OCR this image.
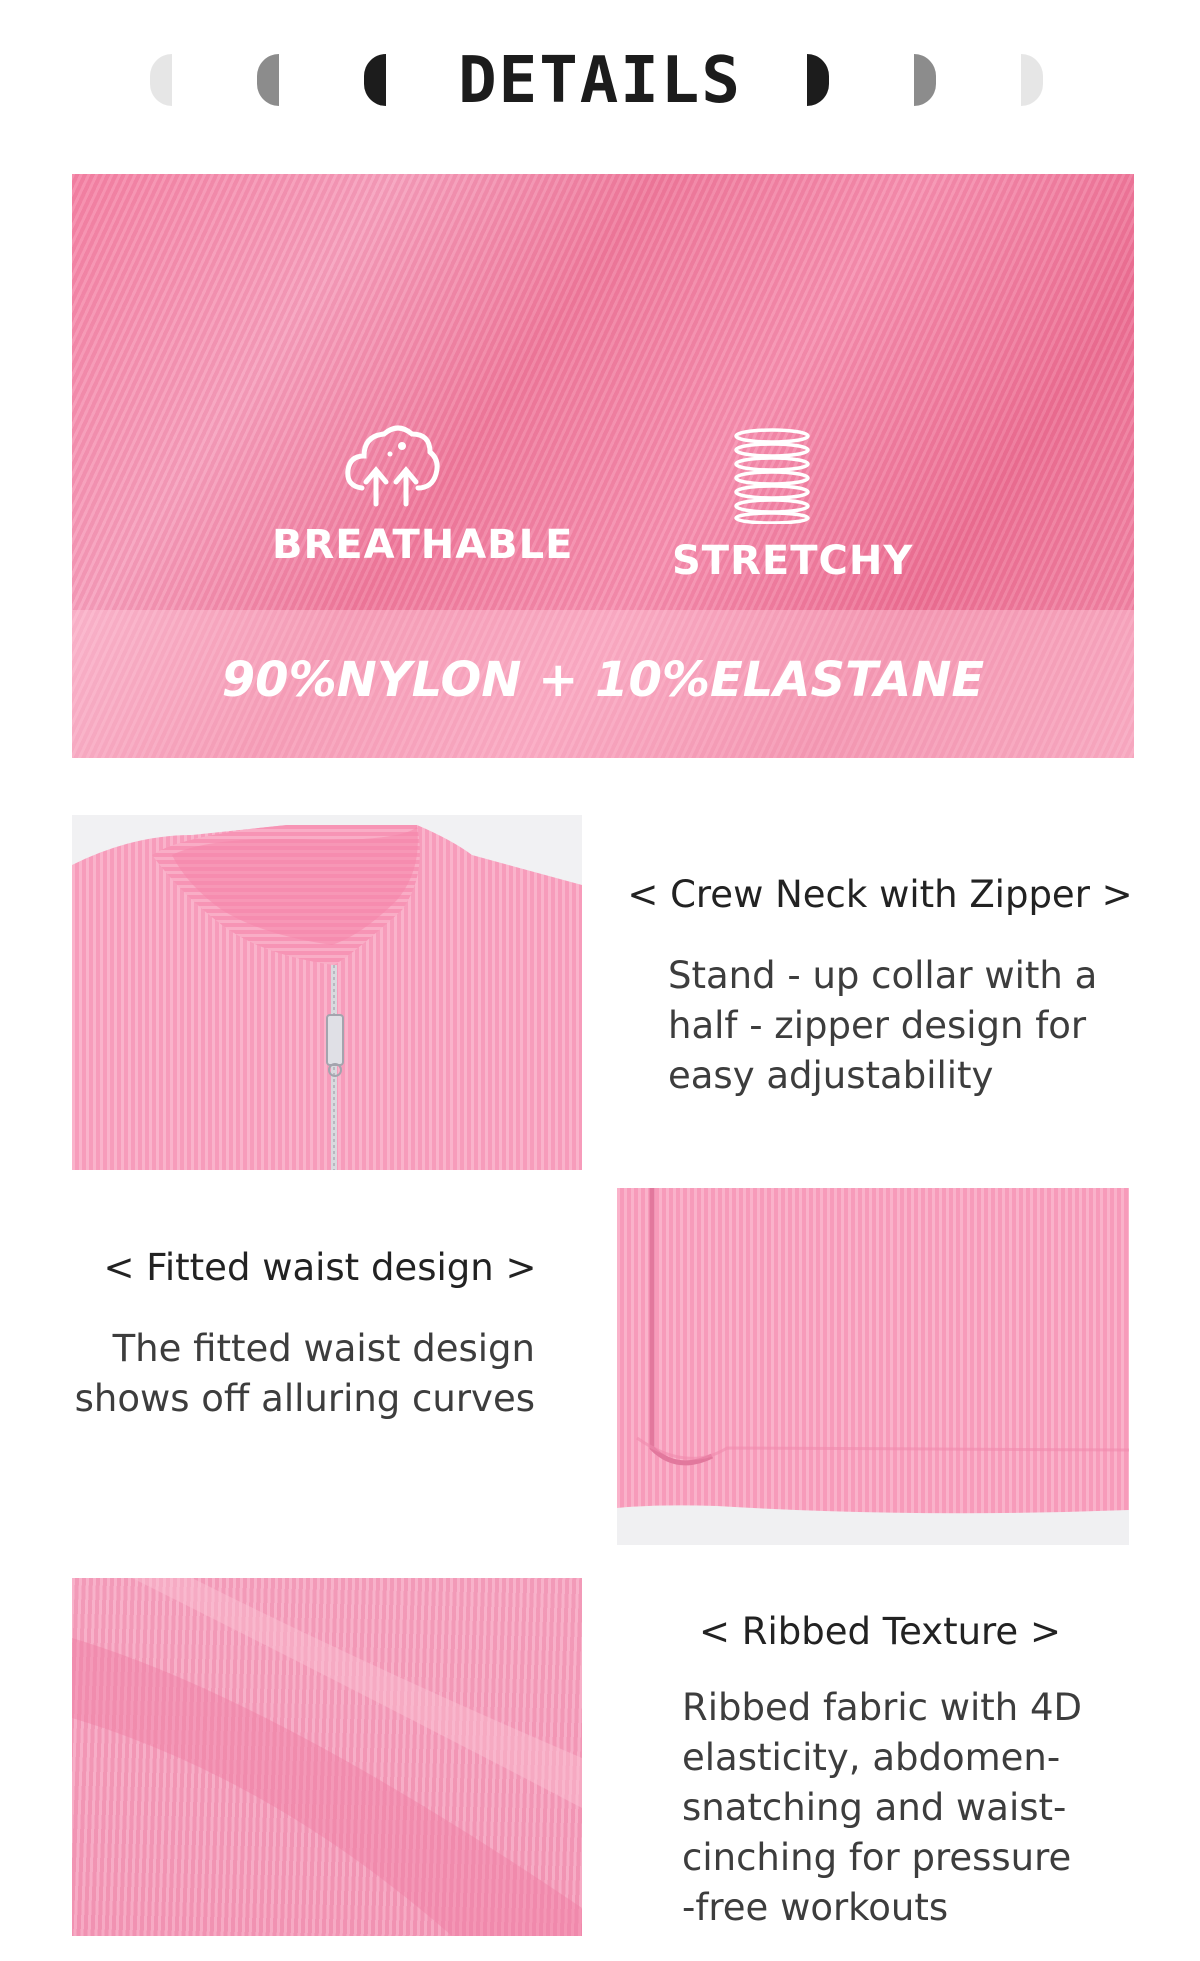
DETAILS
BREATHABLE STRETCHY
90%NYLON + 10%ELASTANE
< Crew Neck with Zipper >
Stand - up collar with a
half - zipper design for
easy adjustability
< Fitted waist design >
The fitted waist design
shows off alluring curves
< Ribbed Texture >
Ribbed fabric with 4D
elasticity, abdomen-
snatching and waist-
cinching for pressure
-free workouts
